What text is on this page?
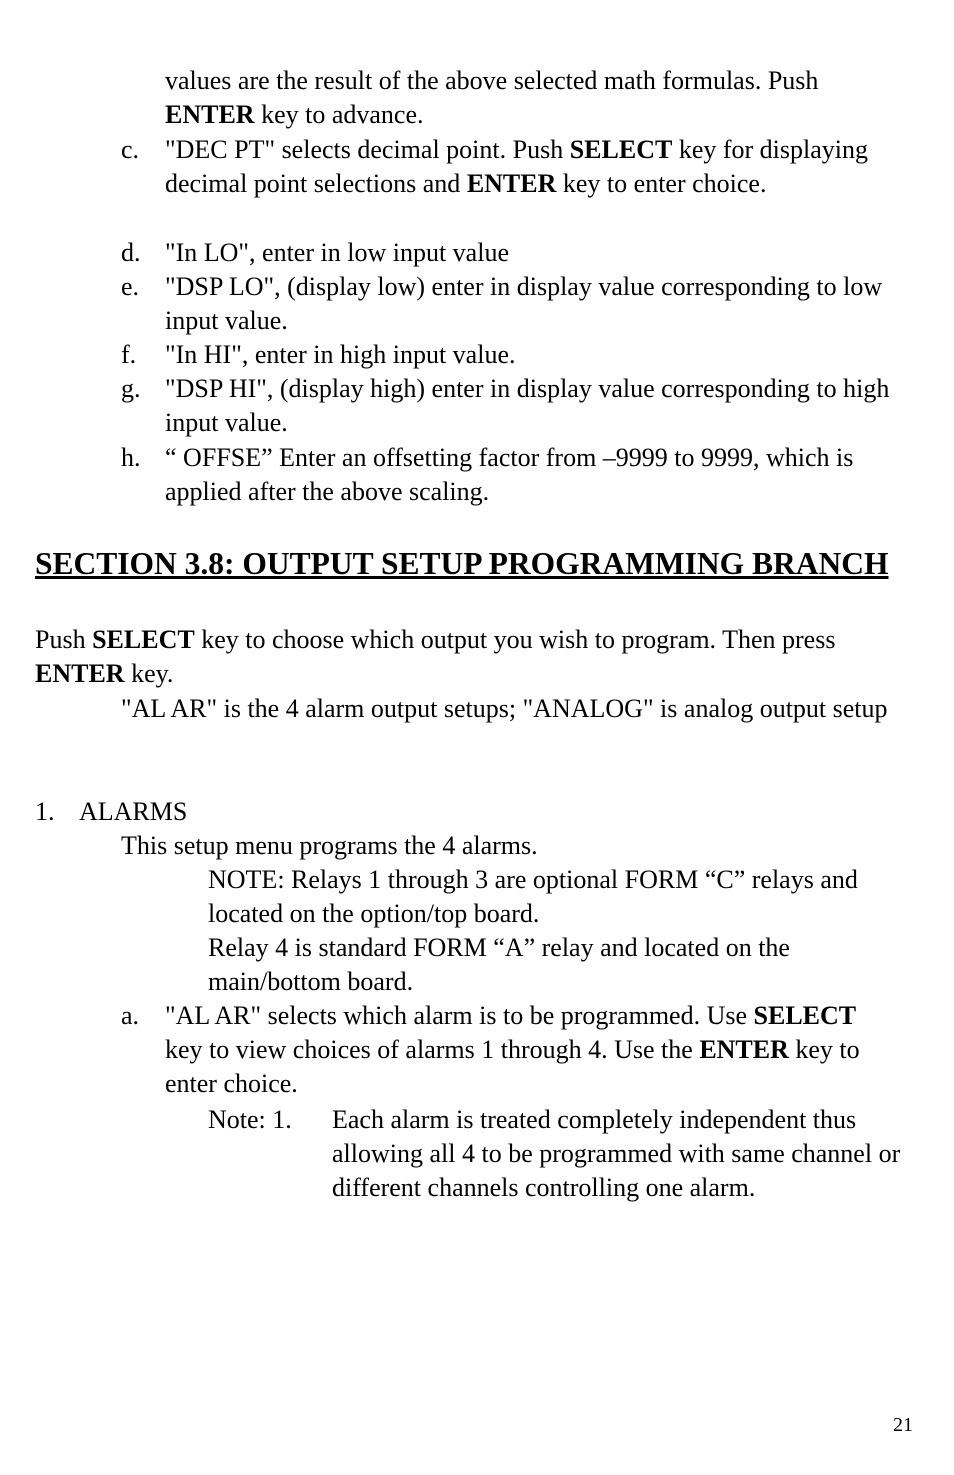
values are the result of the above selected math formulas. Push ENTER key to advance.

c. "DEC PT" selects decimal point. Push SELECT key for displaying decimal point selections and ENTER key to enter choice.
d. "In LO", enter in low input value
e. "DSP LO", (display low) enter in display value corresponding to low input value.
f. "In HI", enter in high input value.
g. "DSP HI", (display high) enter in display value corresponding to high input value.
h. “ OFFSE” Enter an offsetting factor from –9999 to 9999, which is applied after the above scaling.
SECTION 3.8: OUTPUT SETUP PROGRAMMING BRANCH

Push SELECT key to choose which output you wish to program. Then press ENTER key.

"AL AR" is the 4 alarm output setups; "ANALOG" is analog output setup

1. ALARMS

This setup menu programs the 4 alarms.

NOTE: Relays 1 through 3 are optional FORM “C” relays and located on the option/top board.

Relay 4 is standard FORM “A” relay and located on the main/bottom board.

a. "AL AR" selects which alarm is to be programmed. Use SELECT key to view choices of alarms 1 through 4. Use the ENTER key to enter choice.
Note: 1. Each alarm is treated completely independent thus allowing all 4 to be programmed with same channel or different channels controlling one alarm.
21
